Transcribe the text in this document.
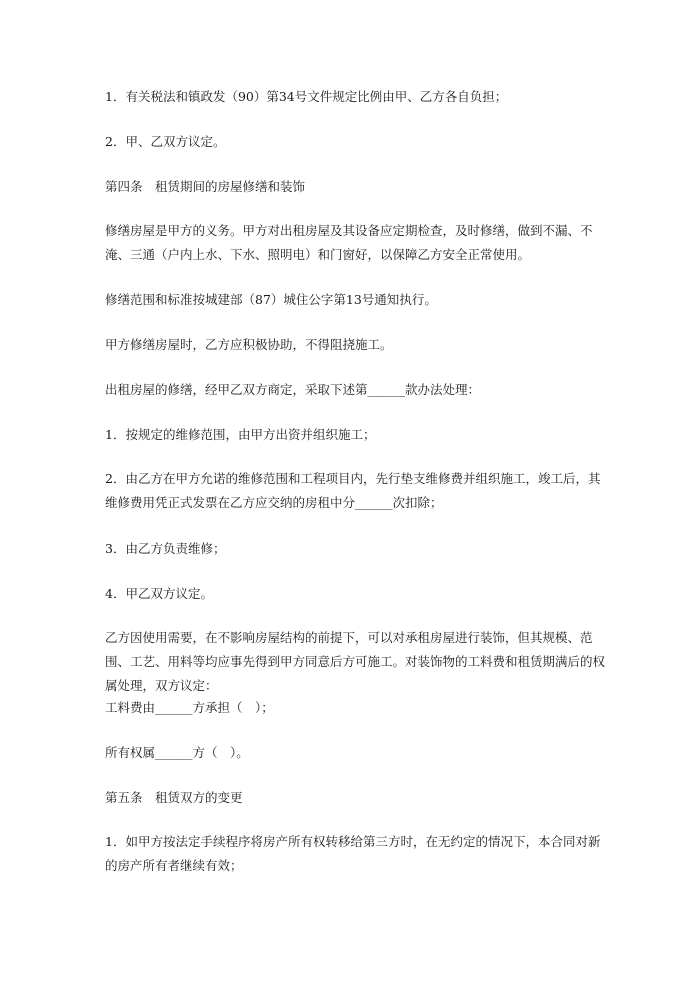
1．有关税法和镇政发（90）第34号文件规定比例由甲、乙方各自负担；
2．甲、乙双方议定。
第四条　租赁期间的房屋修缮和装饰
修缮房屋是甲方的义务。甲方对出租房屋及其设备应定期检查，及时修缮，做到不漏、不淹、三通（户内上水、下水、照明电）和门窗好，以保障乙方安全正常使用。
修缮范围和标准按城建部（87）城住公字第13号通知执行。
甲方修缮房屋时，乙方应积极协助，不得阻挠施工。
出租房屋的修缮，经甲乙双方商定，采取下述第______款办法处理：
1．按规定的维修范围，由甲方出资并组织施工；
2．由乙方在甲方允诺的维修范围和工程项目内，先行垫支维修费并组织施工，竣工后，其维修费用凭正式发票在乙方应交纳的房租中分______次扣除；
3．由乙方负责维修；
4．甲乙双方议定。
乙方因使用需要，在不影响房屋结构的前提下，可以对承租房屋进行装饰，但其规模、范围、工艺、用料等均应事先得到甲方同意后方可施工。对装饰物的工料费和租赁期满后的权属处理，双方议定：
工料费由______方承担（　）；
所有权属______方（　）。
第五条　租赁双方的变更
1．如甲方按法定手续程序将房产所有权转移给第三方时，在无约定的情况下，本合同对新的房产所有者继续有效；
